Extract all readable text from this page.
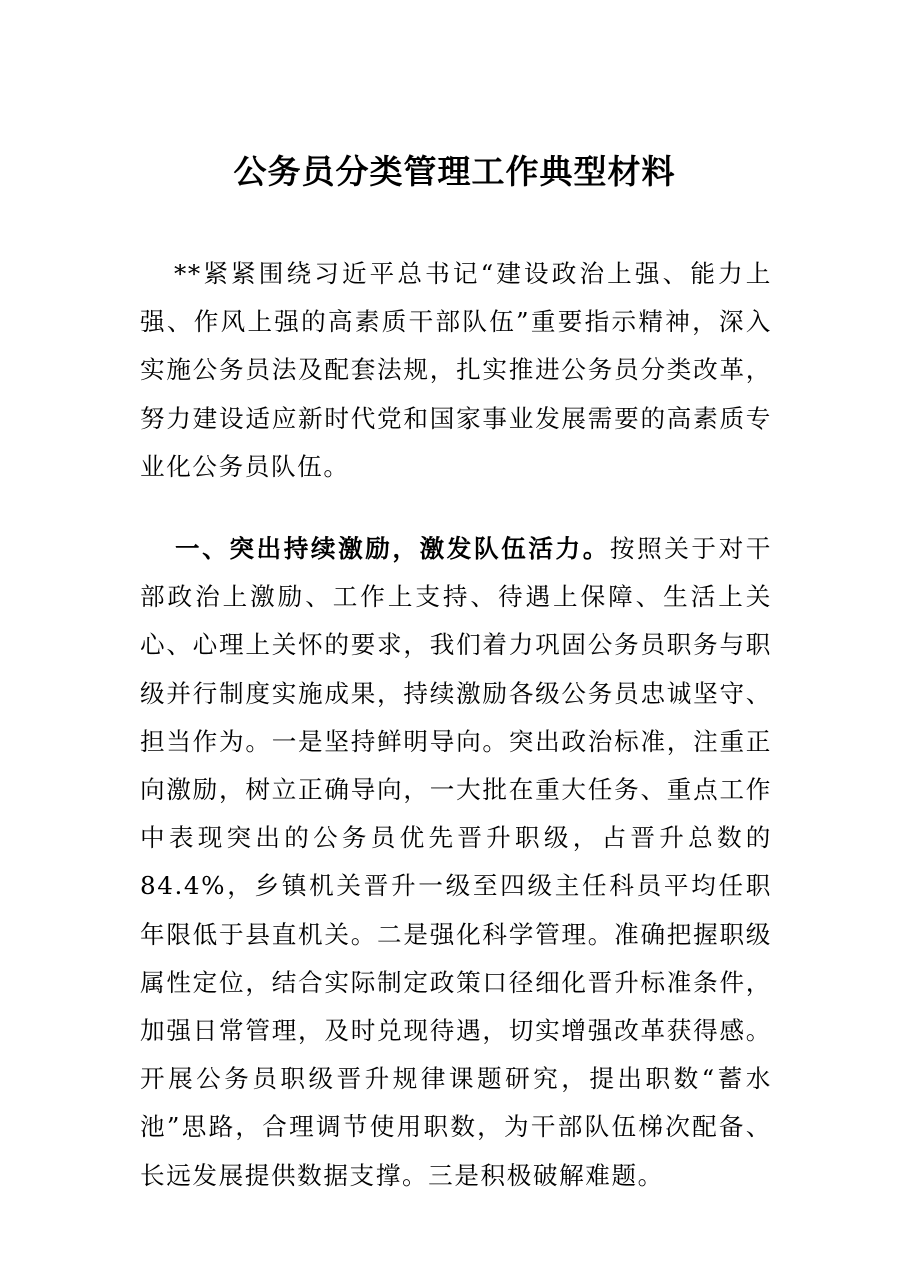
公务员分类管理工作典型材料

**紧紧围绕习近平总书记“建设政治上强、能力上强、作风上强的高素质干部队伍”重要指示精神，深入实施公务员法及配套法规，扎实推进公务员分类改革，努力建设适应新时代党和国家事业发展需要的高素质专业化公务员队伍。

一、突出持续激励，激发队伍活力。按照关于对干部政治上激励、工作上支持、待遇上保障、生活上关心、心理上关怀的要求，我们着力巩固公务员职务与职级并行制度实施成果，持续激励各级公务员忠诚坚守、担当作为。一是坚持鲜明导向。突出政治标准，注重正向激励，树立正确导向，一大批在重大任务、重点工作中表现突出的公务员优先晋升职级，占晋升总数的84.4%，乡镇机关晋升一级至四级主任科员平均任职年限低于县直机关。二是强化科学管理。准确把握职级属性定位，结合实际制定政策口径细化晋升标准条件，加强日常管理，及时兑现待遇，切实增强改革获得感。开展公务员职级晋升规律课题研究，提出职数“蓄水池”思路，合理调节使用职数，为干部队伍梯次配备、长远发展提供数据支撑。三是积极破解难题。
